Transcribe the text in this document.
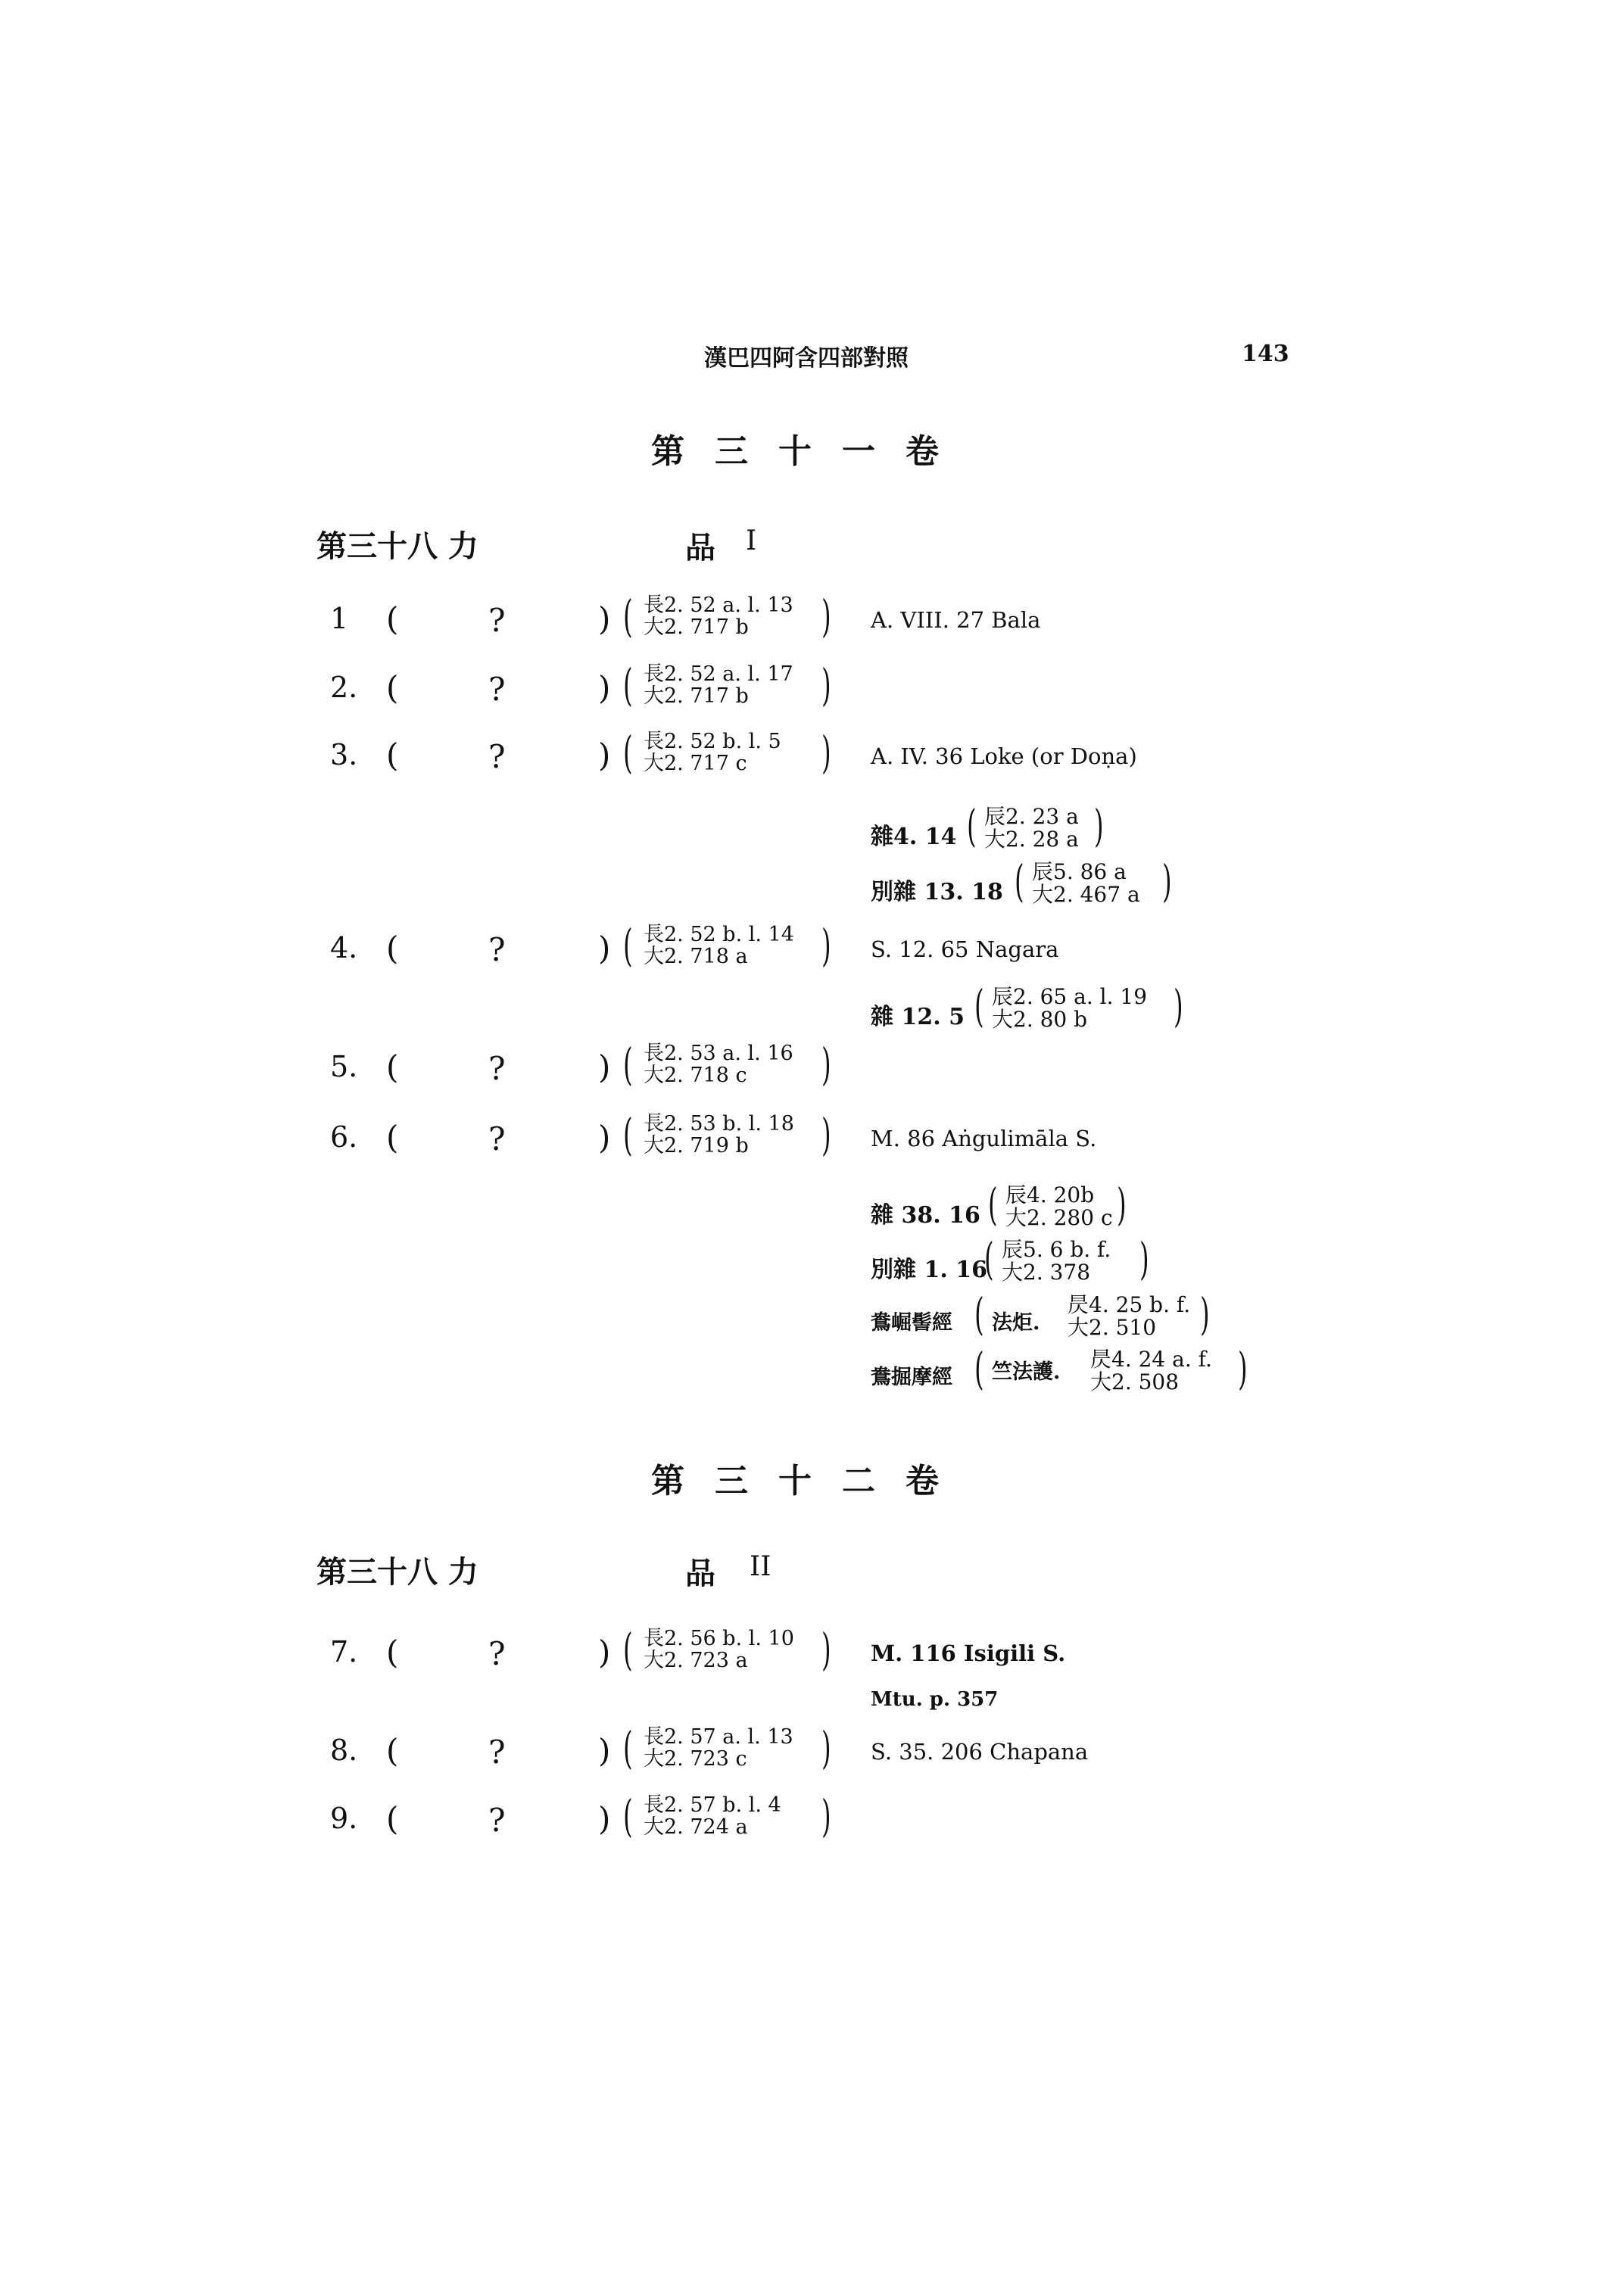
漢巴四阿含四部對照	143
第三十一卷
第三十八 力	品 I
1 (	?	) ( 長2. 52 a. l. 13
大2. 717 b ) A. VIII. 27 Bala
2. (	?	) ( 長2. 52 a. l. 17
大2. 717 b )
3. (	?	) ( 長2. 52 b. l. 5
大2. 717 c ) A. IV. 36 Loke (or Doṇa)
雜4. 14 ( 辰2. 23 a
大2. 28 a )
別雜 13. 18 ( 辰5. 86 a
大2. 467 a )
4. (	?	) ( 長2. 52 b. l. 14
大2. 718 a ) S. 12. 65 Nagara
雜 12. 5 ( 辰2. 65 a. l. 19
大2. 80 b )
5. (	?	) ( 長2. 53 a. l. 16
大2. 718 c )
6. (	?	) ( 長2. 53 b. l. 18
大2. 719 b ) M. 86 Aṅgulimāla S.
雜 38. 16 ( 辰4. 20b
大2. 280 c )
別雜 1. 16
( 辰5. 6 b. f.
大2. 378 )
鴦崛髻經 ( 法炬.
昃4. 25 b. f.
大2. 510 )
鴦掘摩經 ( 竺法護.
昃4. 24 a. f.
大2. 508 )
第三十二卷
第三十八 力	品 II
7. (	?	) ( 長2. 56 b. l. 10
大2. 723 a ) M. 116 Isigili S.
Mtu. p. 357
8. (	?	) ( 長2. 57 a. l. 13
大2. 723 c ) S. 35. 206 Chapana
9. (	?	) ( 長2. 57 b. l. 4
大2. 724 a )
